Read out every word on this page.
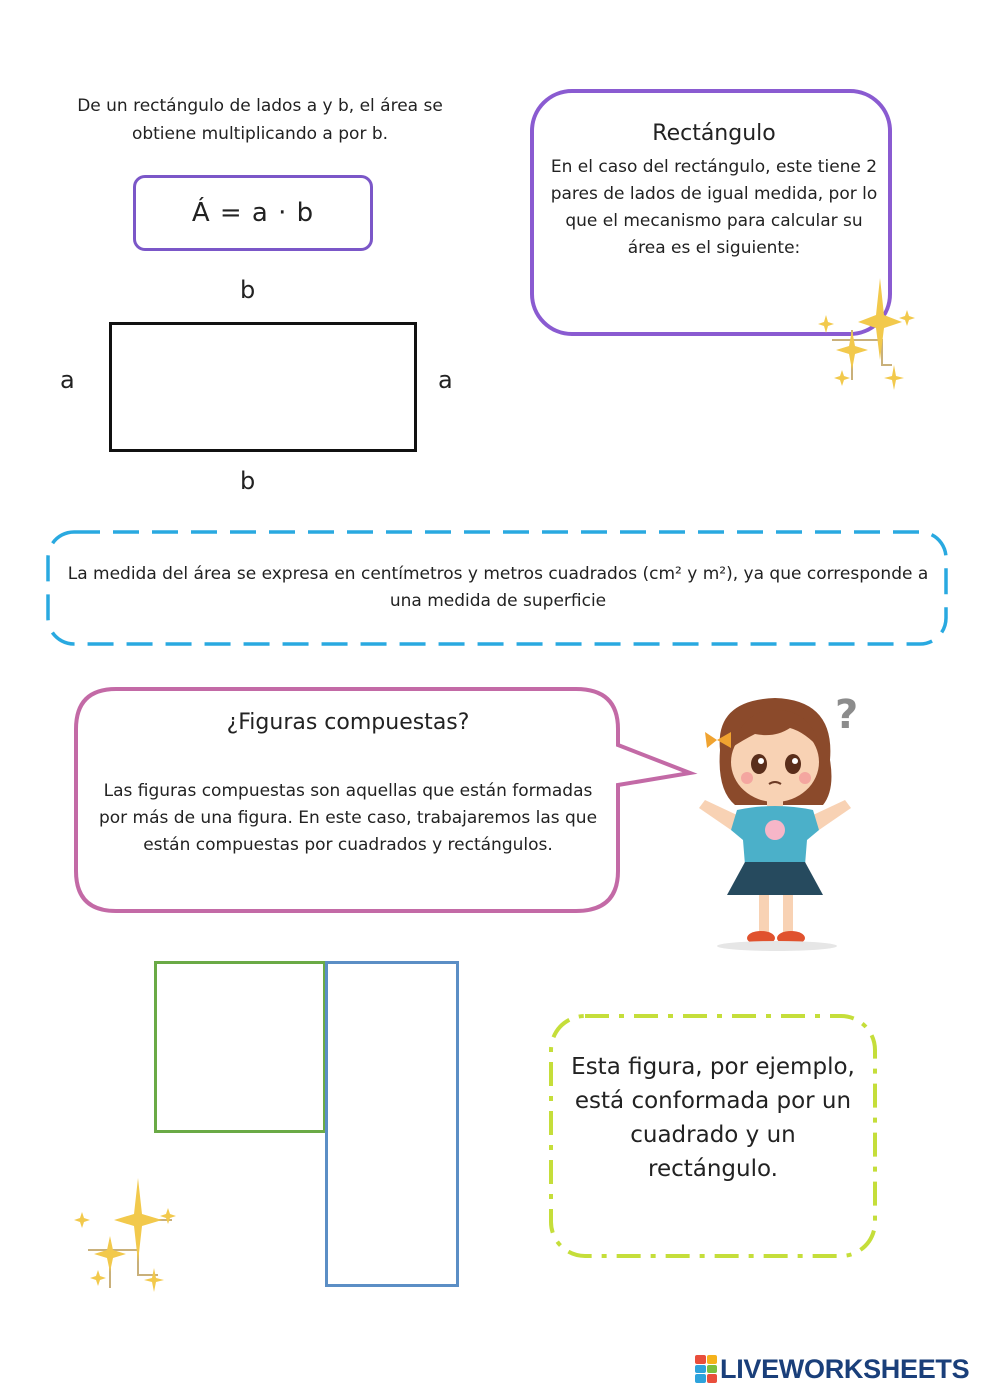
De un rectángulo de lados a y b, el área se obtiene multiplicando a por b.
Á = a · b
b
a	a
b
Rectángulo
En el caso del rectángulo, este tiene 2 pares de lados de igual medida, por lo que el mecanismo para calcular su área es el siguiente:
La medida del área se expresa en centímetros y metros cuadrados (cm² y m²), ya que corresponde a una medida de superficie
¿Figuras compuestas?
Las figuras compuestas son aquellas que están formadas por más de una figura. En este caso, trabajaremos las que están compuestas por cuadrados y rectángulos.
?
Esta figura, por ejemplo, está conformada por un cuadrado y un rectángulo.
LIVEWORKSHEETS
